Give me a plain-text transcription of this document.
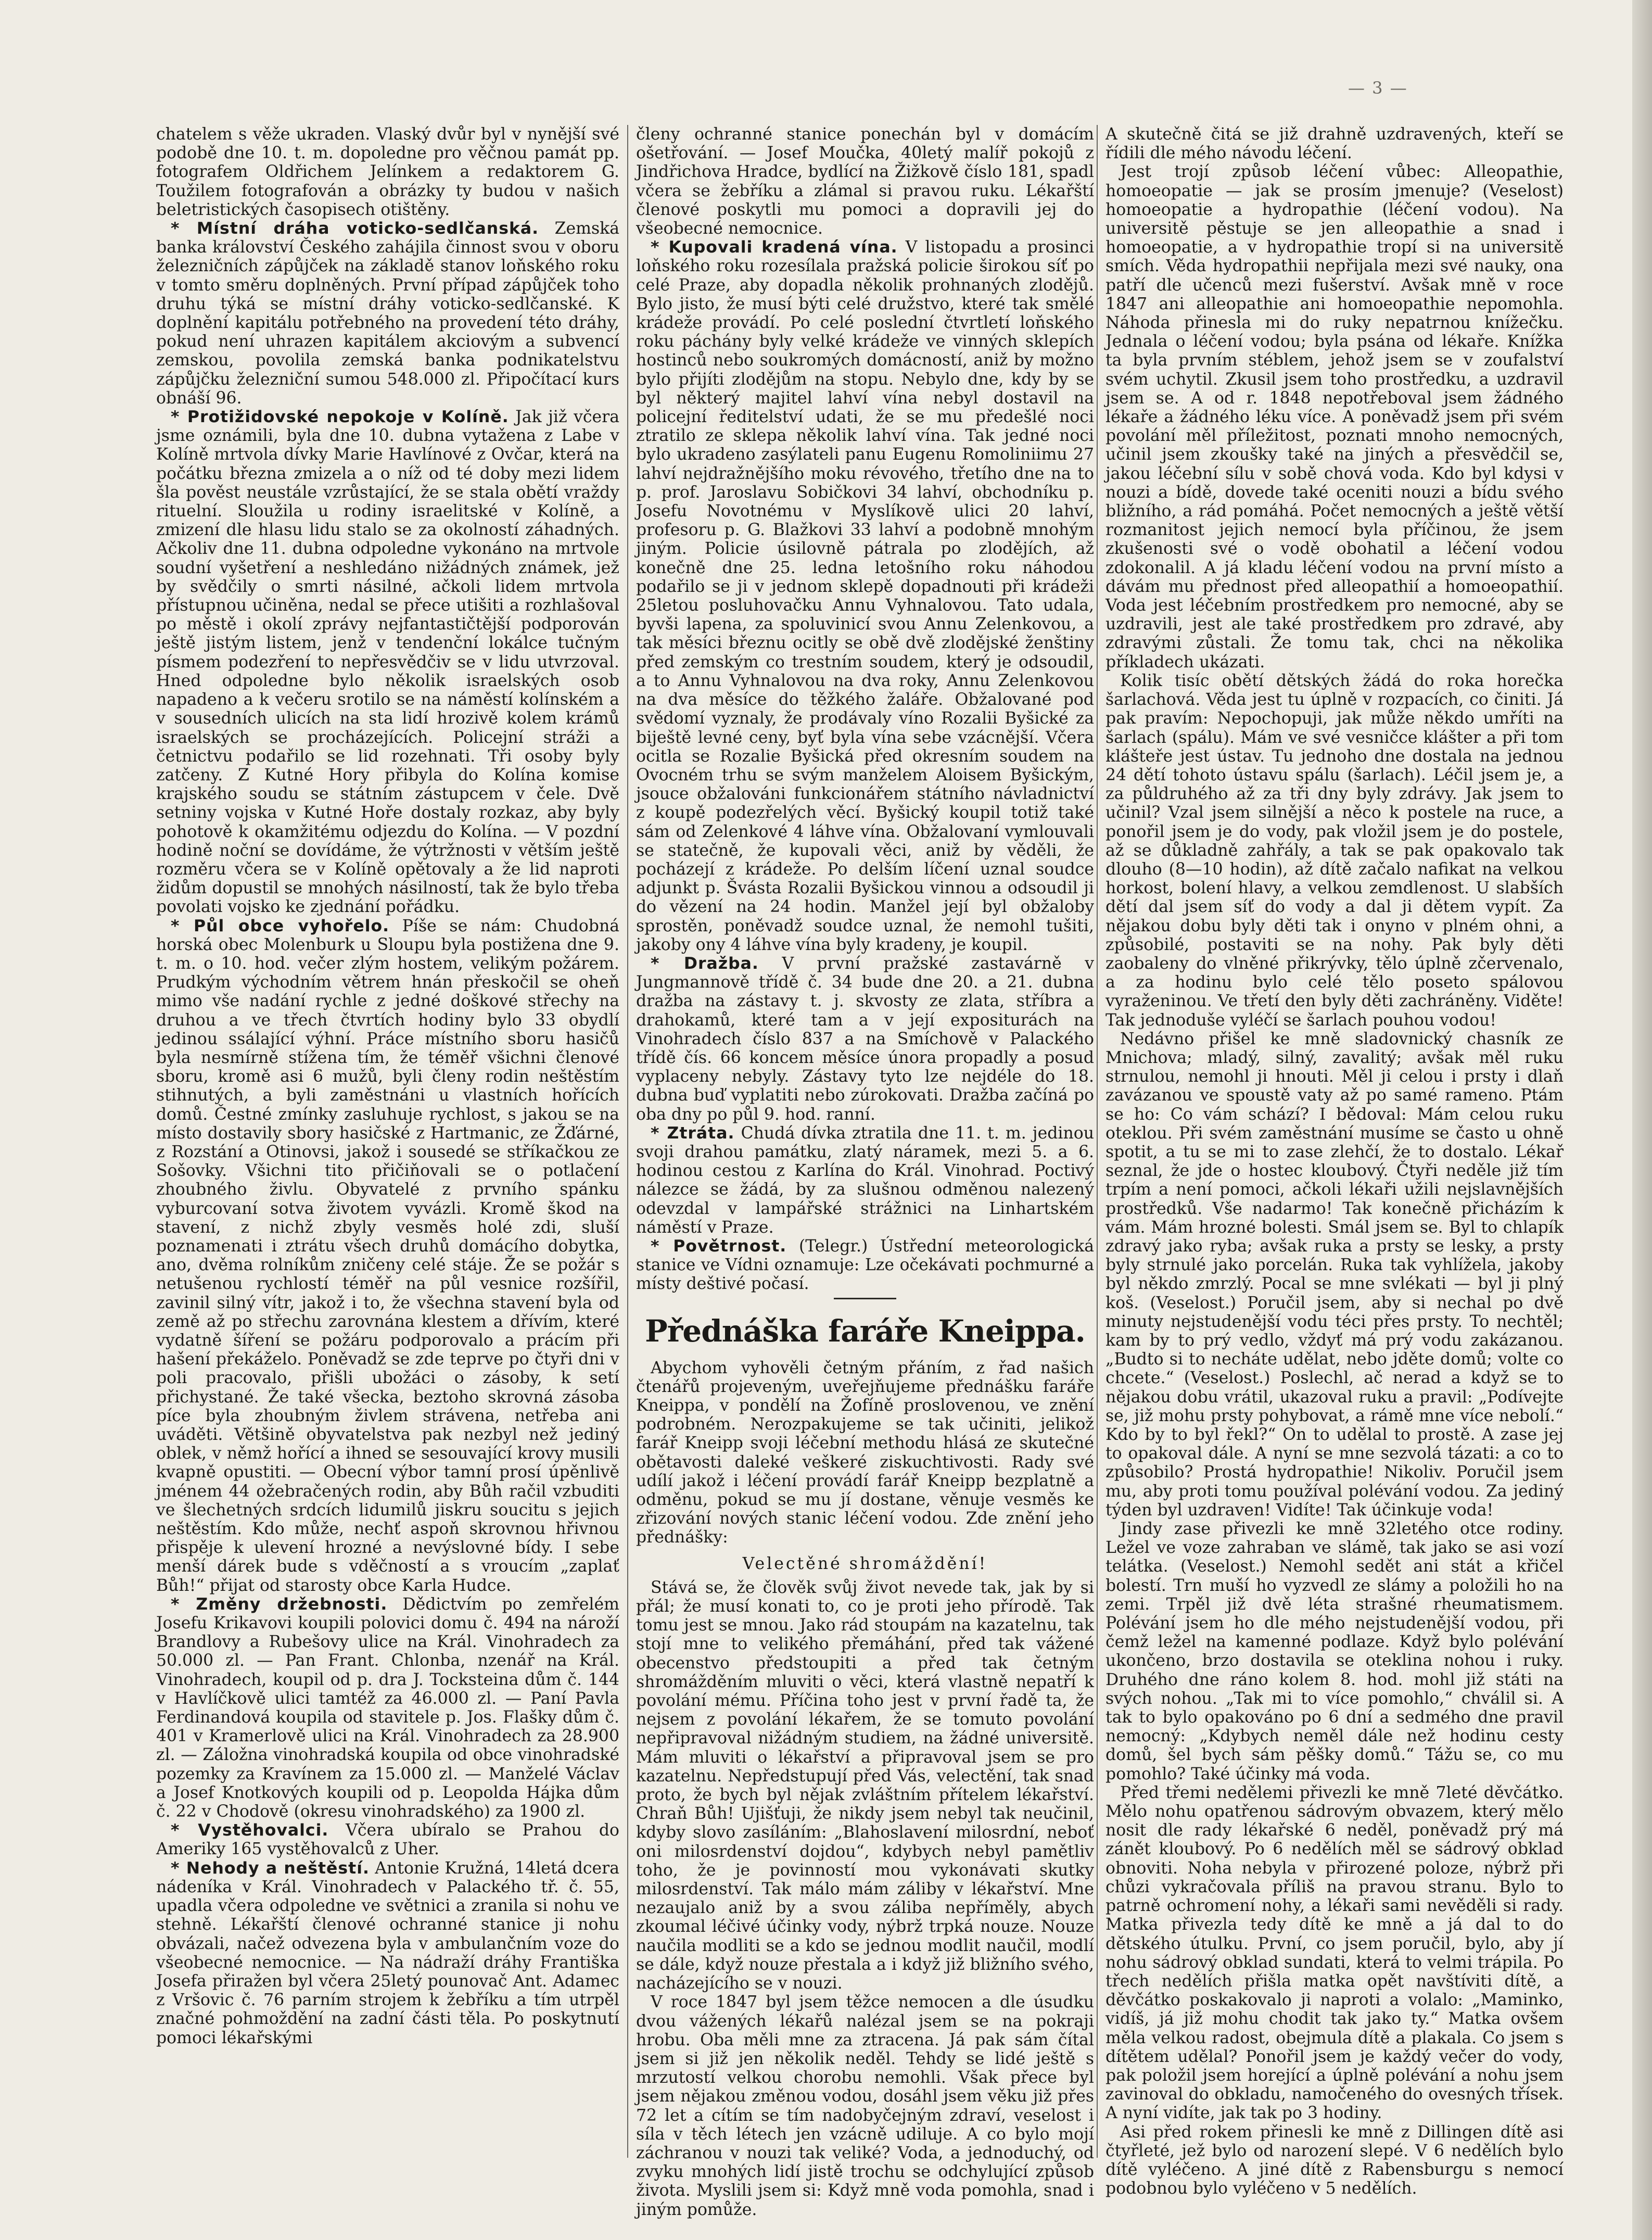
— 3 —

chatelem s věže ukraden. Vlaský dvůr byl v nynější své podobě dne 10. t. m. dopoledne pro věčnou památ pp. fotografem Oldřichem Jelínkem a redaktorem G. Toužilem fotografován a obrázky ty budou v našich beletristických časopisech otištěny.

* Místní dráha voticko-sedlčanská. Zemská banka království Českého zahájila činnost svou v oboru železničních zápůjček na základě stanov loňského roku v tomto směru doplněných. První případ zápůjček toho druhu týká se místní dráhy voticko-sedlčanské. K doplnění kapitálu potřebného na provedení této dráhy, pokud není uhrazen kapitálem akciovým a subvencí zemskou, povolila zemská banka podnikatelstvu zápůjčku železniční sumou 548.000 zl. Připočítací kurs obnáší 96.

* Protižidovské nepokoje v Kolíně. Jak již včera jsme oznámili, byla dne 10. dubna vytažena z Labe v Kolíně mrtvola dívky Marie Havlínové z Ovčar, která na počátku března zmizela a o níž od té doby mezi lidem šla pověst neustále vzrůstající, že se stala obětí vraždy rituelní. Sloužila u rodiny israelitské v Kolíně, a zmizení dle hlasu lidu stalo se za okolností záhadných. Ačkoliv dne 11. dubna odpoledne vykonáno na mrtvole soudní vyšetření a neshledáno nižádných známek, jež by svědčily o smrti násilné, ačkoli lidem mrtvola přístupnou učiněna, nedal se přece utišiti a rozhlašoval po městě i okolí zprávy nejfantastičtější podporován ještě jistým listem, jenž v tendenční lokálce tučným písmem podezření to nepřesvědčiv se v lidu utvrzoval. Hned odpoledne bylo několik israelských osob napadeno a k večeru srotilo se na náměstí kolínském a v sousedních ulicích na sta lidí hrozivě kolem krámů israelských se procházejících. Policejní stráži a četnictvu podařilo se lid rozehnati. Tři osoby byly zatčeny. Z Kutné Hory přibyla do Kolína komise krajského soudu se státním zástupcem v čele. Dvě setniny vojska v Kutné Hoře dostaly rozkaz, aby byly pohotově k okamžitému odjezdu do Kolína. — V pozdní hodině noční se dovídáme, že výtržnosti v větším ještě rozměru včera se v Kolíně opětovaly a že lid naproti židům dopustil se mnohých násilností, tak že bylo třeba povolati vojsko ke zjednání pořádku.

* Půl obce vyhořelo. Píše se nám: Chudobná horská obec Molenburk u Sloupu byla postižena dne 9. t. m. o 10. hod. večer zlým hostem, velikým požárem. Prudkým východním větrem hnán přeskočil se oheň mimo vše nadání rychle z jedné doškové střechy na druhou a ve třech čtvrtích hodiny bylo 33 obydlí jedinou ssálající výhní. Práce místního sboru hasičů byla nesmírně stížena tím, že téměř všichni členové sboru, kromě asi 6 mužů, byli členy rodin neštěstím stihnutých, a byli zaměstnáni u vlastních hořících domů. Čestné zmínky zasluhuje rychlost, s jakou se na místo dostavily sbory hasičské z Hartmanic, ze Žďárné, z Rozstání a Otinovsi, jakož i sousedé se stříkačkou ze Sošovky. Všichni tito přičiňovali se o potlačení zhoubného živlu. Obyvatelé z prvního spánku vyburcovaní sotva životem vyvázli. Kromě škod na stavení, z nichž zbyly vesměs holé zdi, sluší poznamenati i ztrátu všech druhů domácího dobytka, ano, dvěma rolníkům zničeny celé stáje. Že se požár s netušenou rychlostí téměř na půl vesnice rozšířil, zavinil silný vítr, jakož i to, že všechna stavení byla od země až po střechu zarovnána klestem a dřívím, které vydatně šíření se požáru podporovalo a prácím při hašení překáželo. Poněvadž se zde teprve po čtyři dni v poli pracovalo, přišli ubožáci o zásoby, k setí přichystané. Že také všecka, beztoho skrovná zásoba píce byla zhoubným živlem strávena, netřeba ani uváděti. Většině obyvatelstva pak nezbyl než jediný oblek, v němž hořící a ihned se sesouvající krovy musili kvapně opustiti. — Obecní výbor tamní prosí úpěnlivě jménem 44 ožebračených rodin, aby Bůh račil vzbuditi ve šlechetných srdcích lidumilů jiskru soucitu s jejich neštěstím. Kdo může, nechť aspoň skrovnou hřivnou přispěje k ulevení hrozné a nevýslovné bídy. I sebe menší dárek bude s vděčností a s vroucím „zaplať Bůh!“ přijat od starosty obce Karla Hudce.

* Změny držebnosti. Dědictvím po zemřelém Josefu Krikavovi koupili polovici domu č. 494 na nároží Brandlovy a Rubešovy ulice na Král. Vinohradech za 50.000 zl. — Pan Frant. Chlonba, nzenář na Král. Vinohradech, koupil od p. dra J. Tocksteina dům č. 144 v Havlíčkově ulici tamtéž za 46.000 zl. — Paní Pavla Ferdinandová koupila od stavitele p. Jos. Flašky dům č. 401 v Kramerlově ulici na Král. Vinohradech za 28.900 zl. — Záložna vinohradská koupila od obce vinohradské pozemky za Kravínem za 15.000 zl. — Manželé Václav a Josef Knotkových koupili od p. Leopolda Hájka dům č. 22 v Chodově (okresu vinohradského) za 1900 zl.

* Vystěhovalci. Včera ubíralo se Prahou do Ameriky 165 vystěhovalců z Uher.

* Nehody a neštěstí. Antonie Kružná, 14letá dcera nádeníka v Král. Vinohradech v Palackého tř. č. 55, upadla včera odpoledne ve světnici a zranila si nohu ve stehně. Lékařští členové ochranné stanice ji nohu obvázali, načež odvezena byla v ambulančním voze do všeobecné nemocnice. — Na nádraží dráhy Františka Josefa přiražen byl včera 25letý pounovač Ant. Adamec z Vršovic č. 76 parním strojem k žebříku a tím utrpěl značné pohmoždění na zadní části těla. Po poskytnutí pomoci lékařskými

členy ochranné stanice ponechán byl v domácím ošetřování. — Josef Moučka, 40letý malíř pokojů z Jindřichova Hradce, bydlící na Žižkově číslo 181, spadl včera se žebříku a zlámal si pravou ruku. Lékařští členové poskytli mu pomoci a dopravili jej do všeobecné nemocnice.

* Kupovali kradená vína. V listopadu a prosinci loňského roku rozesílala pražská policie širokou síť po celé Praze, aby dopadla několik prohnaných zlodějů. Bylo jisto, že musí býti celé družstvo, které tak smělé krádeže provádí. Po celé poslední čtvrtletí loňského roku páchány byly velké krádeže ve vinných sklepích hostinců nebo soukromých domácností, aniž by možno bylo přijíti zlodějům na stopu. Nebylo dne, kdy by se byl některý majitel lahví vína nebyl dostavil na policejní ředitelství udati, že se mu předešlé noci ztratilo ze sklepa několik lahví vína. Tak jedné noci bylo ukradeno zasýlateli panu Eugenu Romoliniimu 27 lahví nejdražnějšího moku révového, třetího dne na to p. prof. Jaroslavu Sobičkovi 34 lahví, obchodníku p. Josefu Novotnému v Myslíkově ulici 20 lahví, profesoru p. G. Blažkovi 33 lahví a podobně mnohým jiným. Policie úsilovně pátrala po zlodějích, až konečně dne 25. ledna letošního roku náhodou podařilo se ji v jednom sklepě dopadnouti při krádeži 25letou posluhovačku Annu Vyhnalovou. Tato udala, byvši lapena, za spoluvinicí svou Annu Zelenkovou, a tak měsíci březnu ocitly se obě dvě zlodějské ženštiny před zemským co trestním soudem, který je odsoudil, a to Annu Vyhnalovou na dva roky, Annu Zelenkovou na dva měsíce do těžkého žaláře. Obžalované pod svědomí vyznaly, že prodávaly víno Rozalii Byšické za biještě levné ceny, byť byla vína sebe vzácnější. Včera ocitla se Rozalie Byšická před okresním soudem na Ovocném trhu se svým manželem Aloisem Byšickým, jsouce obžalováni funkcionářem státního návladnictví z koupě podezřelých věcí. Byšický koupil totiž také sám od Zelenkové 4 láhve vína. Obžalovaní vymlouvali se statečně, že kupovali věci, aniž by věděli, že pocházejí z krádeže. Po delším líčení uznal soudce adjunkt p. Švásta Rozalii Byšickou vinnou a odsoudil ji do vězení na 24 hodin. Manžel její byl obžaloby sprostěn, poněvadž soudce uznal, že nemohl tušiti, jakoby ony 4 láhve vína byly kradeny, je koupil.

* Dražba. V první pražské zastavárně v Jungmannově třídě č. 34 bude dne 20. a 21. dubna dražba na zástavy t. j. skvosty ze zlata, stříbra a drahokamů, které tam a v její expositurách na Vinohradech číslo 837 a na Smíchově v Palackého třídě čís. 66 koncem měsíce února propadly a posud vyplaceny nebyly. Zástavy tyto lze nejdéle do 18. dubna buď vyplatiti nebo zúrokovati. Dražba začíná po oba dny po půl 9. hod. ranní.

* Ztráta. Chudá dívka ztratila dne 11. t. m. jedinou svoji drahou památku, zlatý náramek, mezi 5. a 6. hodinou cestou z Karlína do Král. Vinohrad. Poctivý nálezce se žádá, by za slušnou odměnou nalezený odevzdal v lampářské strážnici na Linhartském náměstí v Praze.

* Povětrnost. (Telegr.) Ústřední meteorologická stanice ve Vídni oznamuje: Lze očekávati pochmurné a místy deštivé počasí.

Přednáška faráře Kneippa.

Abychom vyhověli četným přáním, z řad našich čtenářů projeveným, uveřejňujeme přednášku faráře Kneippa, v pondělí na Žofíně proslovenou, ve znění podrobném. Nerozpakujeme se tak učiniti, jelikož farář Kneipp svoji léčební methodu hlásá ze skutečné obětavosti daleké veškeré ziskuchtivosti. Rady své udílí jakož i léčení provádí farář Kneipp bezplatně a odměnu, pokud se mu jí dostane, věnuje vesměs ke zřizování nových stanic léčení vodou. Zde znění jeho přednášky:

Velectěné shromáždění!

Stává se, že člověk svůj život nevede tak, jak by si přál; že musí konati to, co je proti jeho přírodě. Tak tomu jest se mnou. Jako rád stoupám na kazatelnu, tak stojí mne to velikého přemáhání, před tak vážené obecenstvo předstoupiti a před tak četným shromážděním mluviti o věci, která vlastně nepatří k povolání mému. Příčina toho jest v první řadě ta, že nejsem z povolání lékařem, že se tomuto povolání nepřipravoval nižádným studiem, na žádné universitě. Mám mluviti o lékařství a připravoval jsem se pro kazatelnu. Nepředstupují před Vás, velectění, tak snad proto, že bych byl nějak zvláštním přítelem lékařství. Chraň Bůh! Ujišťuji, že nikdy jsem nebyl tak neučinil, kdyby slovo zasíláním: „Blahoslavení milosrdní, neboť oni milosrdenství dojdou“, kdybych nebyl pamětliv toho, že je povinností mou vykonávati skutky milosrdenství. Tak málo mám záliby v lékařství. Mne nezaujalo aniž by a svou záliba nepříměly, abych zkoumal léčivé účinky vody, nýbrž trpká nouze. Nouze naučila modliti se a kdo se jednou modlit naučil, modlí se dále, když nouze přestala a i když již bližního svého, nacházejícího se v nouzi.

V roce 1847 byl jsem těžce nemocen a dle úsudku dvou vážených lékařů nalézal jsem se na pokraji hrobu. Oba měli mne za ztracena. Já pak sám čítal jsem si již jen několik neděl. Tehdy se lidé ještě s mrzutostí velkou chorobu nemohli. Však přece byl jsem nějakou změnou vodou, dosáhl jsem věku již přes 72 let a cítím se tím nadobyčejným zdraví, veselost i síla v těch létech jen vzácně udiluje. A co bylo mojí záchranou v nouzi tak veliké? Voda, a jednoduchý, od zvyku mnohých lidí jistě trochu se odchylující způsob života. Myslili jsem si: Když mně voda pomohla, snad i jiným pomůže.

A skutečně čitá se již drahně uzdravených, kteří se řídili dle mého návodu léčení.

Jest trojí způsob léčení vůbec: Alleopathie, homoeopatie — jak se prosím jmenuje? (Veselost) homoeopatie a hydropathie (léčení vodou). Na universitě pěstuje se jen alleopathie a snad i homoeopatie, a v hydropathie tropí si na universitě smích. Věda hydropathii nepřijala mezi své nauky, ona patří dle učenců mezi fušerství. Avšak mně v roce 1847 ani alleopathie ani homoeopathie nepomohla. Náhoda přinesla mi do ruky nepatrnou knížečku. Jednala o léčení vodou; byla psána od lékaře. Knížka ta byla prvním stéblem, jehož jsem se v zoufalství svém uchytil. Zkusil jsem toho prostředku, a uzdravil jsem se. A od r. 1848 nepotřeboval jsem žádného lékaře a žádného léku více. A poněvadž jsem při svém povolání měl příležitost, poznati mnoho nemocných, učinil jsem zkoušky také na jiných a přesvědčil se, jakou léčební sílu v sobě chová voda. Kdo byl kdysi v nouzi a bídě, dovede také oceniti nouzi a bídu svého bližního, a rád pomáhá. Počet nemocných a ještě větší rozmanitost jejich nemocí byla příčinou, že jsem zkušenosti své o vodě obohatil a léčení vodou zdokonalil. A já kladu léčení vodou na první místo a dávám mu přednost před alleopathií a homoeopathií. Voda jest léčebním prostředkem pro nemocné, aby se uzdravili, jest ale také prostředkem pro zdravé, aby zdravými zůstali. Že tomu tak, chci na několika příkladech ukázati.

Kolik tisíc obětí dětských žádá do roka horečka šarlachová. Věda jest tu úplně v rozpacích, co činiti. Já pak pravím: Nepochopuji, jak může někdo umříti na šarlach (spálu). Mám ve své vesničce klášter a při tom klášteře jest ústav. Tu jednoho dne dostala na jednou 24 dětí tohoto ústavu spálu (šarlach). Léčil jsem je, a za půldruhého až za tři dny byly zdrávy. Jak jsem to učinil? Vzal jsem silnější a něco k postele na ruce, a ponořil jsem je do vody, pak vložil jsem je do postele, až se důkladně zahřály, a tak se pak opakovalo tak dlouho (8—10 hodin), až dítě začalo nafikat na velkou horkost, bolení hlavy, a velkou zemdlenost. U slabších dětí dal jsem síť do vody a dal ji dětem vypít. Za nějakou dobu byly děti tak i onyno v plném ohni, a způsobilé, postaviti se na nohy. Pak byly děti zaobaleny do vlněné přikrývky, tělo úplně zčervenalo, a za hodinu bylo celé tělo poseto spálovou vyraženinou. Ve třetí den byly děti zachráněny. Viděte! Tak jednoduše vyléčí se šarlach pouhou vodou!

Nedávno přišel ke mně sladovnický chasník ze Mnichova; mladý, silný, zavalitý; avšak měl ruku strnulou, nemohl ji hnouti. Měl ji celou i prsty i dlaň zavázanou ve spoustě vaty až po samé rameno. Ptám se ho: Co vám schází? I bědoval: Mám celou ruku oteklou. Při svém zaměstnání musíme se často u ohně spotit, a tu se mi to zase zlehčí, že to dostalo. Lékař seznal, že jde o hostec kloubový. Čtyři neděle již tím trpím a není pomoci, ačkoli lékaři užili nejslavnějších prostředků. Vše nadarmo! Tak konečně přicházím k vám. Mám hrozné bolesti. Smál jsem se. Byl to chlapík zdravý jako ryba; avšak ruka a prsty se lesky, a prsty byly strnulé jako porcelán. Ruka tak vyhlížela, jakoby byl někdo zmrzlý. Pocal se mne svlékati — byl ji plný koš. (Veselost.) Poručil jsem, aby si nechal po dvě minuty nejstudenější vodu téci přes prsty. To nechtěl; kam by to prý vedlo, vždyť má prý vodu zakázanou. „Budto si to necháte udělat, nebo jděte domů; volte co chcete.“ (Veselost.) Poslechl, ač nerad a když se to nějakou dobu vrátil, ukazoval ruku a pravil: „Podívejte se, již mohu prsty pohybovat, a rámě mne více nebolí.“ Kdo by to byl řekl?“ On to udělal to prostě. A zase jej to opakoval dále. A nyní se mne sezvolá tázati: a co to způsobilo? Prostá hydropathie! Nikoliv. Poručil jsem mu, aby proti tomu používal polévání vodou. Za jediný týden byl uzdraven! Vidíte! Tak účinkuje voda!

Jindy zase přivezli ke mně 32letého otce rodiny. Ležel ve voze zahraban ve slámě, tak jako se asi vozí telátka. (Veselost.) Nemohl sedět ani stát a křičel bolestí. Trn muší ho vyzvedl ze slámy a položili ho na zemi. Trpěl již dvě léta strašné rheumatismem. Polévání jsem ho dle mého nejstudenější vodou, při čemž ležel na kamenné podlaze. Když bylo polévání ukončeno, brzo dostavila se oteklina nohou i ruky. Druhého dne ráno kolem 8. hod. mohl již státi na svých nohou. „Tak mi to více pomohlo,“ chválil si. A tak to bylo opakováno po 6 dní a sedmého dne pravil nemocný: „Kdybych neměl dále než hodinu cesty domů, šel bych sám pěšky domů.“ Tážu se, co mu pomohlo? Také účinky má voda.

Před třemi nedělemi přivezli ke mně 7leté děvčátko. Mělo nohu opatřenou sádrovým obvazem, který mělo nosit dle rady lékařské 6 neděl, poněvadž prý má zánět kloubový. Po 6 nedělích měl se sádrový obklad obnoviti. Noha nebyla v přirozené poloze, nýbrž při chůzi vykračovala příliš na pravou stranu. Bylo to patrně ochromení nohy, a lékaři sami nevěděli si rady. Matka přivezla tedy dítě ke mně a já dal to do dětského útulku. První, co jsem poručil, bylo, aby jí nohu sádrový obklad sundati, která to velmi trápila. Po třech nedělích přišla matka opět navštíviti dítě, a děvčátko poskakovalo ji naproti a volalo: „Maminko, vidíš, já již mohu chodit tak jako ty.“ Matka ovšem měla velkou radost, obejmula dítě a plakala. Co jsem s dítětem udělal? Ponořil jsem je každý večer do vody, pak položil jsem horející a úplně polévání a nohu jsem zavinoval do obkladu, namočeného do ovesných třísek. A nyní vidíte, jak tak po 3 hodiny.

Asi před rokem přinesli ke mně z Dillingen dítě asi čtyřleté, jež bylo od narození slepé. V 6 nedělích bylo dítě vyléčeno. A jiné dítě z Rabensburgu s nemocí podobnou bylo vyléčeno v 5 nedělích.
